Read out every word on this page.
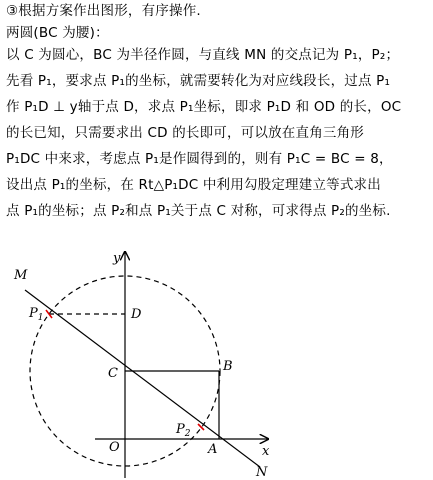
③根据方案作出图形，有序操作.
两圆(BC 为腰)：
以 C 为圆心，BC 为半径作圆，与直线 MN 的交点记为 P₁，P₂；
先看 P₁，要求点 P₁的坐标，就需要转化为对应线段长，过点 P₁
作 P₁D ⊥ y轴于点 D，求点 P₁坐标，即求 P₁D 和 OD 的长，OC
的长已知，只需要求出 CD 的长即可，可以放在直角三角形
P₁DC 中来求，考虑点 P₁是作圆得到的，则有 P₁C = BC = 8，
设出点 P₁的坐标，在 Rt△P₁DC 中利用勾股定理建立等式求出
点 P₁的坐标；点 P₂和点 P₁关于点 C 对称，可求得点 P₂的坐标.
y
x
M
N
$P_1$
$P_2$
D
B
C
O	A
